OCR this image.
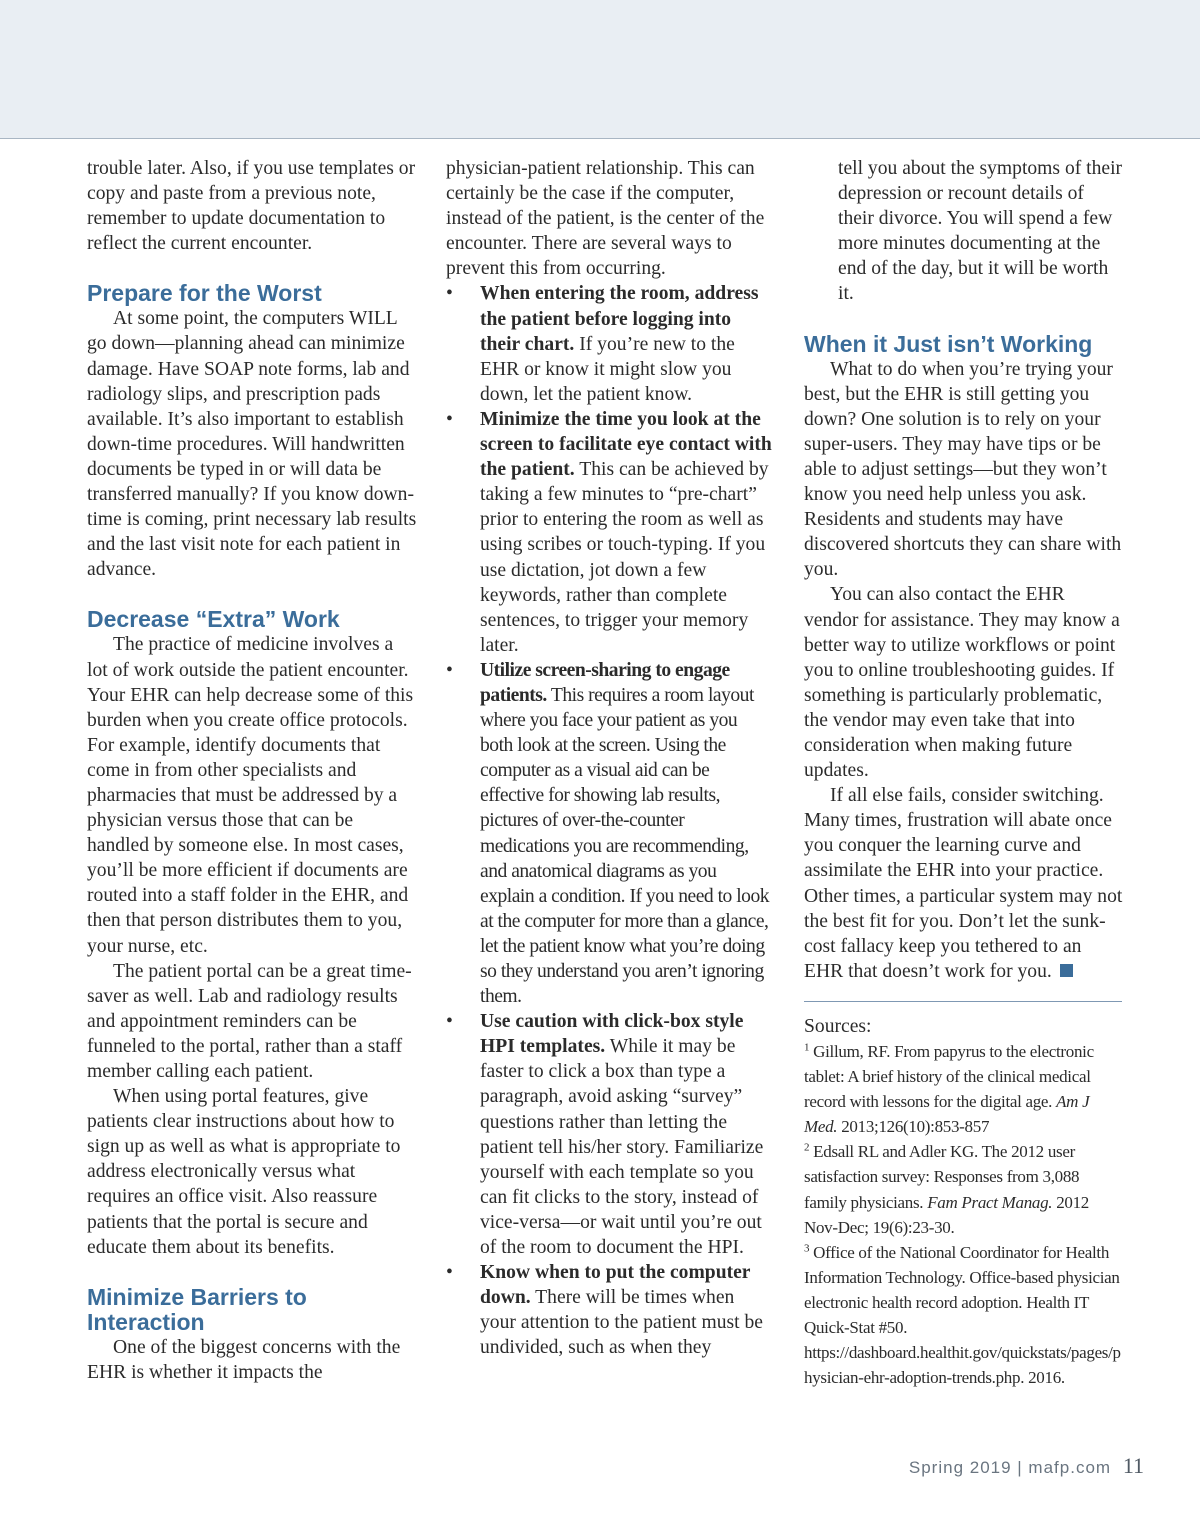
trouble later. Also, if you use templates or copy and paste from a previous note, remember to update documentation to reflect the current encounter.

Prepare for the Worst

At some point, the computers WILL go down—planning ahead can minimize damage. Have SOAP note forms, lab and radiology slips, and prescription pads available. It’s also important to establish down-time procedures. Will handwritten documents be typed in or will data be transferred manually? If you know down-time is coming, print necessary lab results and the last visit note for each patient in advance.

Decrease “Extra” Work

The practice of medicine involves a lot of work outside the patient encounter. Your EHR can help decrease some of this burden when you create office protocols. For example, identify documents that come in from other specialists and pharmacies that must be addressed by a physician versus those that can be handled by someone else. In most cases, you’ll be more efficient if documents are routed into a staff folder in the EHR, and then that person distributes them to you, your nurse, etc.

The patient portal can be a great time-saver as well. Lab and radiology results and appointment reminders can be funneled to the portal, rather than a staff member calling each patient.

When using portal features, give patients clear instructions about how to sign up as well as what is appropriate to address electronically versus what requires an office visit. Also reassure patients that the portal is secure and educate them about its benefits.

Minimize Barriers to Interaction

One of the biggest concerns with the EHR is whether it impacts the

physician-patient relationship. This can certainly be the case if the computer, instead of the patient, is the center of the encounter. There are several ways to prevent this from occurring.

• When entering the room, address the patient before logging into their chart. If you’re new to the EHR or know it might slow you down, let the patient know.
• Minimize the time you look at the screen to facilitate eye contact with the patient. This can be achieved by taking a few minutes to “pre-chart” prior to entering the room as well as using scribes or touch-typing. If you use dictation, jot down a few keywords, rather than complete sentences, to trigger your memory later.
• Utilize screen-sharing to engage patients. This requires a room layout where you face your patient as you both look at the screen. Using the computer as a visual aid can be effective for showing lab results, pictures of over-the-counter medications you are recommending, and anatomical diagrams as you explain a condition. If you need to look at the computer for more than a glance, let the patient know what you’re doing so they understand you aren’t ignoring them.
• Use caution with click-box style HPI templates. While it may be faster to click a box than type a paragraph, avoid asking “survey” questions rather than letting the patient tell his/her story. Familiarize yourself with each template so you can fit clicks to the story, instead of vice-versa—or wait until you’re out of the room to document the HPI.
• Know when to put the computer down. There will be times when your attention to the patient must be undivided, such as when they

tell you about the symptoms of their depression or recount details of their divorce. You will spend a few more minutes documenting at the end of the day, but it will be worth it.

When it Just isn’t Working

What to do when you’re trying your best, but the EHR is still getting you down? One solution is to rely on your super-users. They may have tips or be able to adjust settings—but they won’t know you need help unless you ask. Residents and students may have discovered shortcuts they can share with you.

You can also contact the EHR vendor for assistance. They may know a better way to utilize workflows or point you to online troubleshooting guides. If something is particularly problematic, the vendor may even take that into consideration when making future updates.

If all else fails, consider switching. Many times, frustration will abate once you conquer the learning curve and assimilate the EHR into your practice. Other times, a particular system may not the best fit for you. Don’t let the sunk-cost fallacy keep you tethered to an EHR that doesn’t work for you.

Sources:

$^1$ Gillum, RF. From papyrus to the electronic tablet: A brief history of the clinical medical record with lessons for the digital age. Am J Med. 2013;126(10):853-857

$^2$ Edsall RL and Adler KG. The 2012 user satisfaction survey: Responses from 3,088 family physicians. Fam Pract Manag. 2012 Nov-Dec; 19(6):23-30.

$^3$ Office of the National Coordinator for Health Information Technology. Office-based physician electronic health record adoption. Health IT Quick-Stat #50. https://dashboard.healthit.gov/quickstats/pages/physician-ehr-adoption-trends.php. 2016.

Spring 2019 | mafp.com 11
